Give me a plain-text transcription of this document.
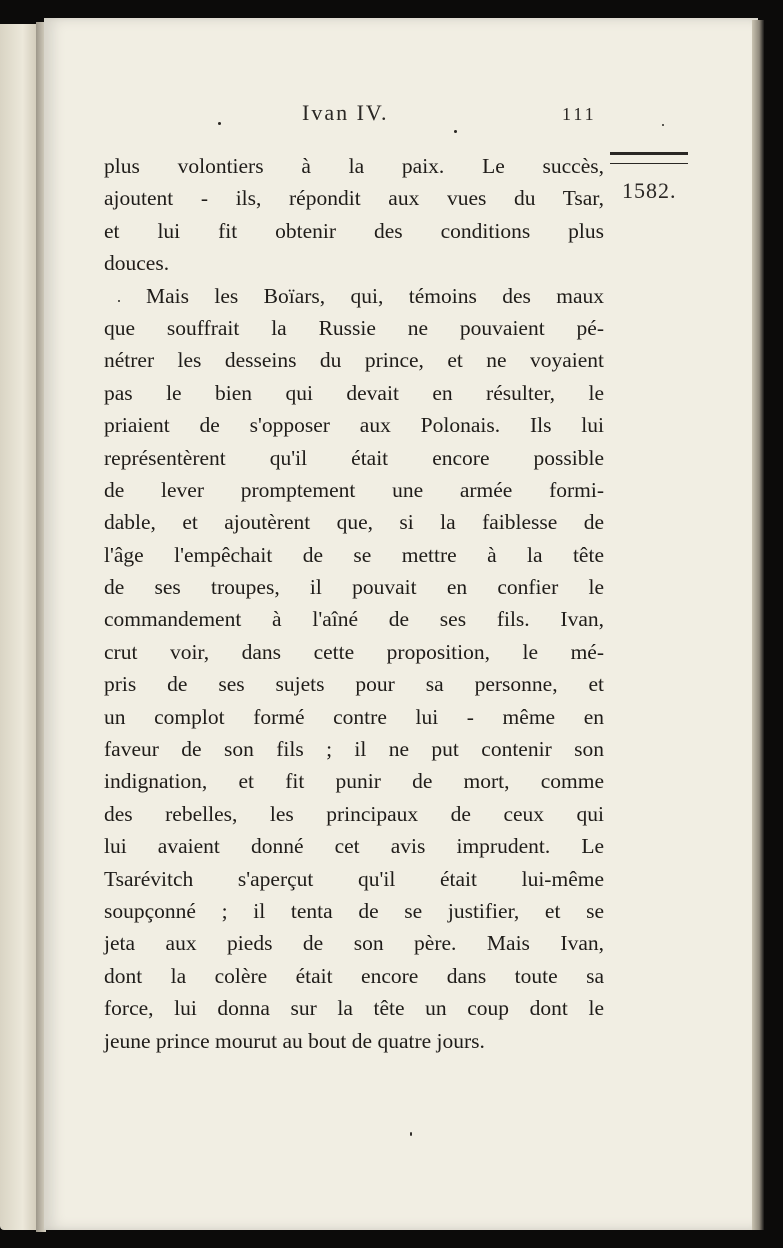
Ivan IV.	111
1582.
plus volontiers à la paix. Le succès,
ajoutent - ils, répondit aux vues du Tsar,
et lui fit obtenir des conditions plus
douces.
Mais les Boïars, qui, témoins des maux
que souffrait la Russie ne pouvaient pé-
nétrer les desseins du prince, et ne voyaient
pas le bien qui devait en résulter, le
priaient de s'opposer aux Polonais. Ils lui
représentèrent qu'il était encore possible
de lever promptement une armée formi-
dable, et ajoutèrent que, si la faiblesse de
l'âge l'empêchait de se mettre à la tête
de ses troupes, il pouvait en confier le
commandement à l'aîné de ses fils. Ivan,
crut voir, dans cette proposition, le mé-
pris de ses sujets pour sa personne, et
un complot formé contre lui - même en
faveur de son fils ; il ne put contenir son
indignation, et fit punir de mort, comme
des rebelles, les principaux de ceux qui
lui avaient donné cet avis imprudent. Le
Tsarévitch s'aperçut qu'il était lui-même
soupçonné ; il tenta de se justifier, et se
jeta aux pieds de son père. Mais Ivan,
dont la colère était encore dans toute sa
force, lui donna sur la tête un coup dont le
jeune prince mourut au bout de quatre jours.
